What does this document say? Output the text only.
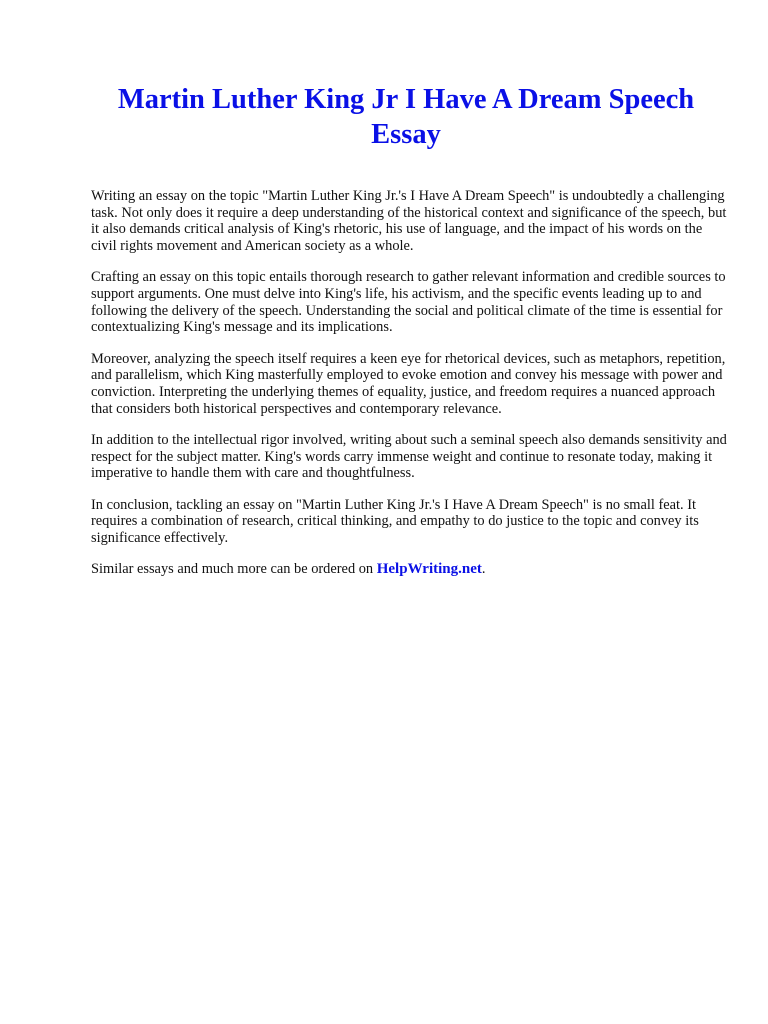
Martin Luther King Jr I Have A Dream Speech Essay

Writing an essay on the topic "Martin Luther King Jr.'s I Have A Dream Speech" is undoubtedly a challenging task. Not only does it require a deep understanding of the historical context and significance of the speech, but it also demands critical analysis of King's rhetoric, his use of language, and the impact of his words on the civil rights movement and American society as a whole.

Crafting an essay on this topic entails thorough research to gather relevant information and credible sources to support arguments. One must delve into King's life, his activism, and the specific events leading up to and following the delivery of the speech. Understanding the social and political climate of the time is essential for contextualizing King's message and its implications.

Moreover, analyzing the speech itself requires a keen eye for rhetorical devices, such as metaphors, repetition, and parallelism, which King masterfully employed to evoke emotion and convey his message with power and conviction. Interpreting the underlying themes of equality, justice, and freedom requires a nuanced approach that considers both historical perspectives and contemporary relevance.

In addition to the intellectual rigor involved, writing about such a seminal speech also demands sensitivity and respect for the subject matter. King's words carry immense weight and continue to resonate today, making it imperative to handle them with care and thoughtfulness.

In conclusion, tackling an essay on "Martin Luther King Jr.'s I Have A Dream Speech" is no small feat. It requires a combination of research, critical thinking, and empathy to do justice to the topic and convey its significance effectively.

Similar essays and much more can be ordered on HelpWriting.net.
